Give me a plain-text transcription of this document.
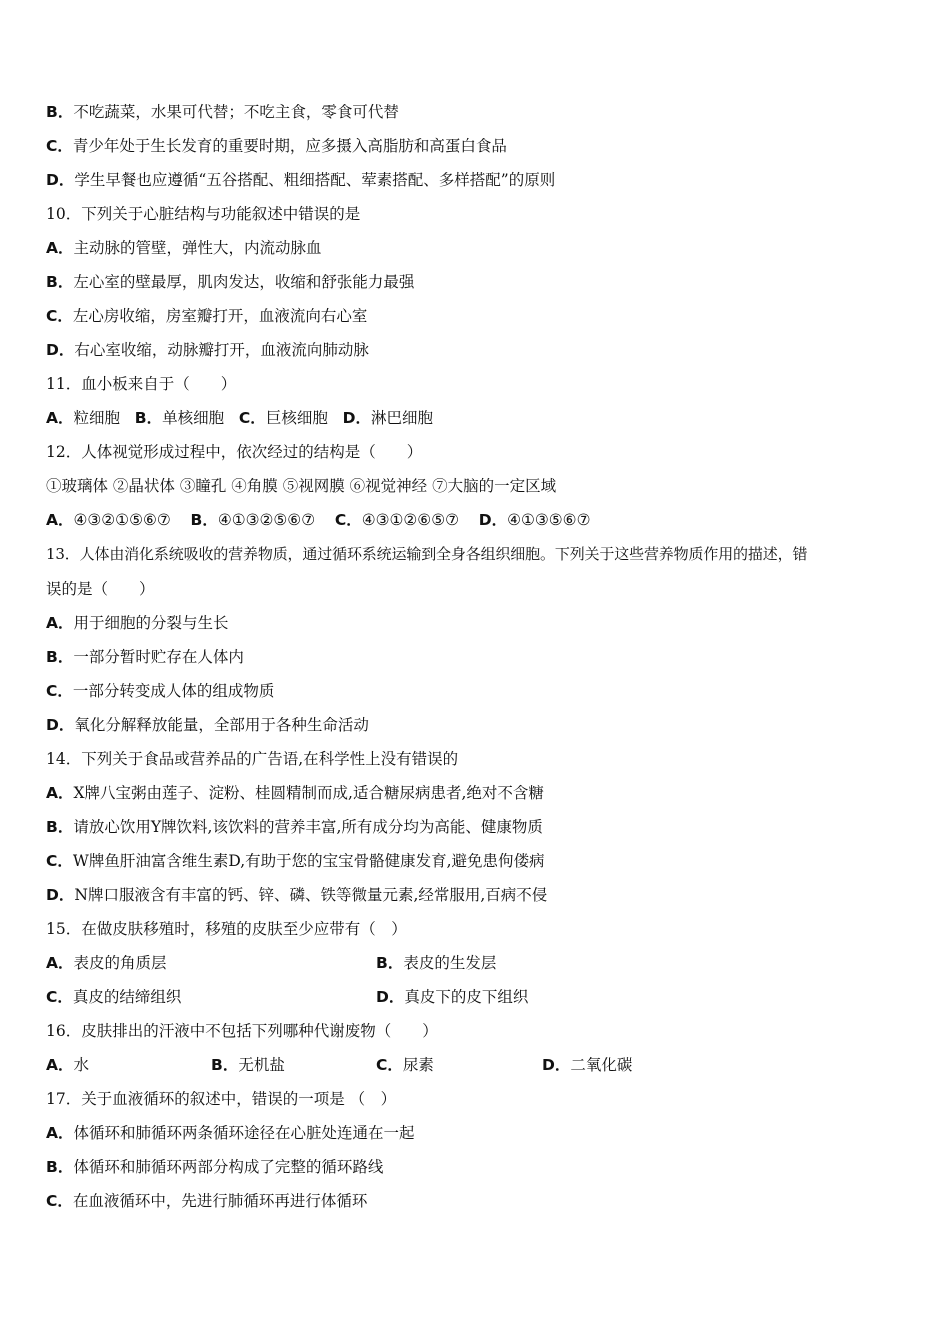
B．不吃蔬菜，水果可代替；不吃主食，零食可代替
C．青少年处于生长发育的重要时期，应多摄入高脂肪和高蛋白食品
D．学生早餐也应遵循“五谷搭配、粗细搭配、荤素搭配、多样搭配”的原则
10．下列关于心脏结构与功能叙述中错误的是
A．主动脉的管壁，弹性大，内流动脉血
B．左心室的壁最厚，肌肉发达，收缩和舒张能力最强
C．左心房收缩，房室瓣打开，血液流向右心室
D．右心室收缩，动脉瓣打开，血液流向肺动脉
11．血小板来自于（　　）
A．粒细胞 B．单核细胞 C．巨核细胞 D．淋巴细胞
12．人体视觉形成过程中，依次经过的结构是（　　）
①玻璃体 ②晶状体 ③瞳孔 ④角膜 ⑤视网膜 ⑥视觉神经 ⑦大脑的一定区域
A．④③②①⑤⑥⑦ B．④①③②⑤⑥⑦ C．④③①②⑥⑤⑦ D．④①③⑤⑥⑦
13．人体由消化系统吸收的营养物质，通过循环系统运输到全身各组织细胞。下列关于这些营养物质作用的描述，错
误的是（　　）
A．用于细胞的分裂与生长
B．一部分暂时贮存在人体内
C．一部分转变成人体的组成物质
D．氧化分解释放能量，全部用于各种生命活动
14．下列关于食品或营养品的广告语,在科学性上没有错误的
A．X牌八宝粥由莲子、淀粉、桂圆精制而成,适合糖尿病患者,绝对不含糖
B．请放心饮用Y牌饮料,该饮料的营养丰富,所有成分均为高能、健康物质
C．W牌鱼肝油富含维生素D,有助于您的宝宝骨骼健康发育,避免患佝偻病
D．N牌口服液含有丰富的钙、锌、磷、铁等微量元素,经常服用,百病不侵
15．在做皮肤移殖时，移殖的皮肤至少应带有（　）
A．表皮的角质层	B．表皮的生发层
C．真皮的结缔组织	D．真皮下的皮下组织
16．皮肤排出的汗液中不包括下列哪种代谢废物（　　）
A．水	B．无机盐	C．尿素	D．二氧化碳
17．关于血液循环的叙述中，错误的一项是 （　）
A．体循环和肺循环两条循环途径在心脏处连通在一起
B．体循环和肺循环两部分构成了完整的循环路线
C．在血液循环中，先进行肺循环再进行体循环
